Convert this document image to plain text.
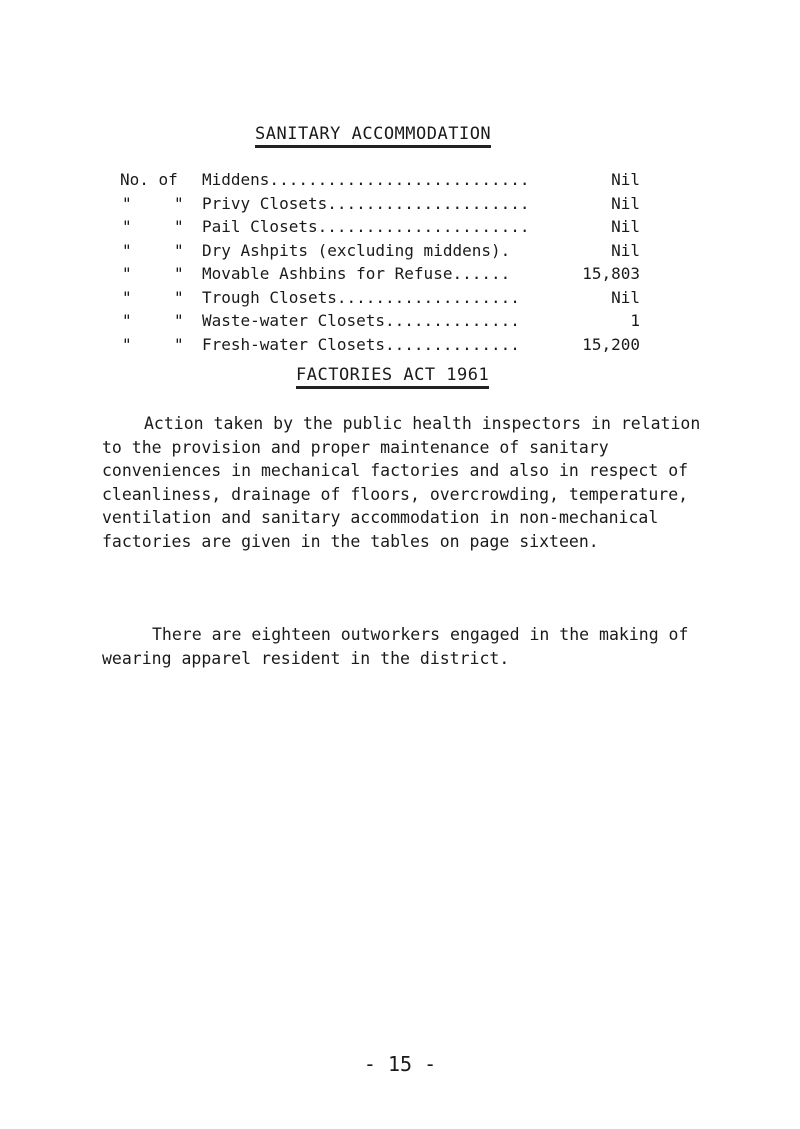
SANITARY ACCOMMODATION
No. of	Middens...........................	Nil
"	" Privy Closets.....................	Nil
"	" Pail Closets......................	Nil
"	" Dry Ashpits (excluding middens).	Nil
"	" Movable Ashbins for Refuse......	15,803
"	" Trough Closets...................	Nil
"	" Waste-water Closets..............	1
"	" Fresh-water Closets..............	15,200
FACTORIES ACT 1961

Action taken by the public health inspectors in relation to the provision and proper maintenance of sanitary conveniences in mechanical factories and also in respect of cleanliness, drainage of floors, overcrowding, temperature, ventilation and sanitary accommodation in non-mechanical factories are given in the tables on page sixteen.

There are eighteen outworkers engaged in the making of wearing apparel resident in the district.

- 15 -
